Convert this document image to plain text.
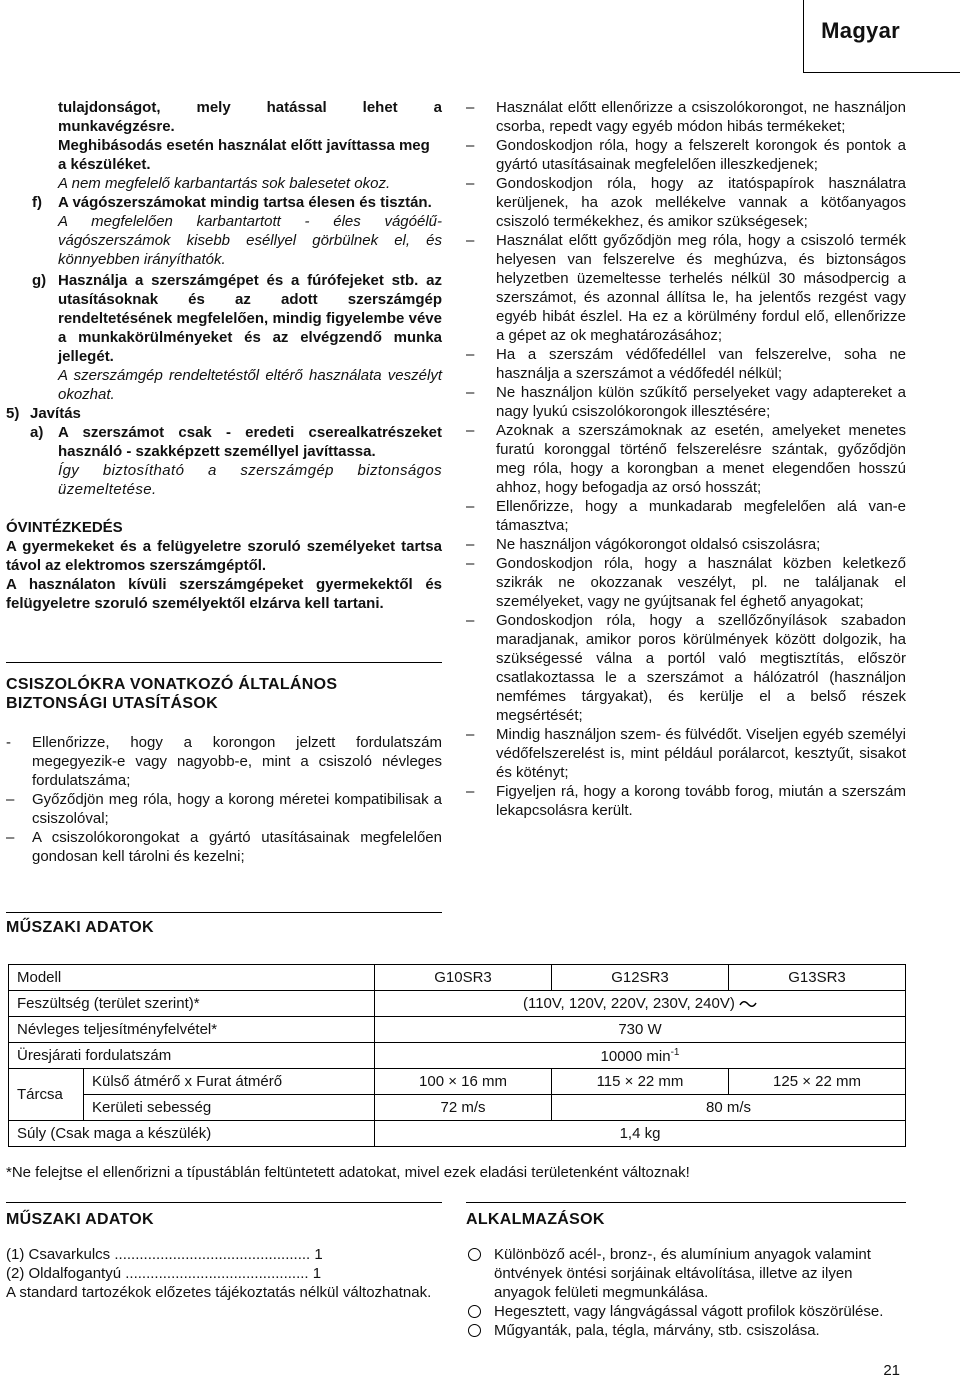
Magyar

tulajdonságot, mely hatással lehet a munkavégzésre.

Meghibásodás esetén használat előtt javíttassa meg a készüléket.

A nem megfelelő karbantartás sok balesetet okoz.

f) A vágószerszámokat mindig tartsa élesen és tisztán.

A megfelelően karbantartott - éles vágóélű-vágószerszámok kisebb eséllyel görbülnek el, és könnyebben irányíthatók.

g) Használja a szerszámgépet és a fúrófejeket stb. az utasításoknak és az adott szerszámgép rendeltetésének megfelelően, mindig figyelembe véve a munkakörülményeket és az elvégzendő munka jellegét.

A szerszámgép rendeltetéstől eltérő használata veszélyt okozhat.

5) Javítás
a) A szerszámot csak - eredeti cserealkatrészeket használó - szakképzett személlyel javíttassa.

Így biztosítható a szerszámgép biztonságos üzemeltetése.

ÓVINTÉZKEDÉS

A gyermekeket és a felügyeletre szoruló személyeket tartsa távol az elektromos szerszámgéptől.

A használaton kívüli szerszámgépeket gyermekektől és felügyeletre szoruló személyektől elzárva kell tartani.

CSISZOLÓKRA VONATKOZÓ ÁLTALÁNOS

BIZTONSÁGI UTASÍTÁSOK

- Ellenőrizze, hogy a korongon jelzett fordulatszám megegyezik-e vagy nagyobb-e, mint a csiszoló névleges fordulatszáma;
– Győződjön meg róla, hogy a korong méretei kompatibilisak a csiszolóval;
– A csiszolókorongokat a gyártó utasításainak megfelelően gondosan kell tárolni és kezelni;
– Használat előtt ellenőrizze a csiszolókorongot, ne használjon csorba, repedt vagy egyéb módon hibás termékeket;
– Gondoskodjon róla, hogy a felszerelt korongok és pontok a gyártó utasításainak megfelelően illeszkedjenek;
– Gondoskodjon róla, hogy az itatóspapírok használatra kerüljenek, ha azok mellékelve vannak a kötőanyagos csiszoló termékekhez, és amikor szükségesek;
– Használat előtt győződjön meg róla, hogy a csiszoló termék helyesen van felszerelve és meghúzva, és biztonságos helyzetben üzemeltesse terhelés nélkül 30 másodpercig a szerszámot, és azonnal állítsa le, ha jelentős rezgést vagy egyéb hibát észlel. Ha ez a körülmény fordul elő, ellenőrizze a gépet az ok meghatározásához;
– Ha a szerszám védőfedéllel van felszerelve, soha ne használja a szerszámot a védőfedél nélkül;
– Ne használjon külön szűkítő perselyeket vagy adaptereket a nagy lyukú csiszolókorongok illesztésére;
– Azoknak a szerszámoknak az esetén, amelyeket menetes furatú koronggal történő felszerelésre szántak, győződjön meg róla, hogy a korongban a menet elegendően hosszú ahhoz, hogy befogadja az orsó hosszát;
– Ellenőrizze, hogy a munkadarab megfelelően alá van-e támasztva;
– Ne használjon vágókorongot oldalsó csiszolásra;
– Gondoskodjon róla, hogy a használat közben keletkező szikrák ne okozzanak veszélyt, pl. ne találjanak el személyeket, vagy ne gyújtsanak fel éghető anyagokat;
– Gondoskodjon róla, hogy a szellőzőnyílások szabadon maradjanak, amikor poros körülmények között dolgozik, ha szükségessé válna a portól való megtisztítás, először csatlakoztassa le a szerszámot a hálózatról (használjon nemfémes tárgyakat), és kerülje el a belső részek megsértését;
– Mindig használjon szem- és fülvédőt. Viseljen egyéb személyi védőfelszerelést is, mint például porálarcot, kesztyűt, sisakot és kötényt;
– Figyeljen rá, hogy a korong tovább forog, miután a szerszám lekapcsolásra került.

MŰSZAKI ADATOK

Modell		G10SR3	G12SR3	G13SR3
Feszültség (terület szerint)*		(110V, 120V, 220V, 230V, 240V)		
Névleges teljesítményfelvétel*		730 W		
Üresjárati fordulatszám		10000 $\min^{-1}$
Tárcsa	Külső átmérő x Furat átmérő	100 × 16 mm	115 × 22 mm	125 × 22 mm
	Kerületi sebesség	72 m/s	80 m/s	
Súly (Csak maga a készülék)		1,4 kg		

*Ne felejtse el ellenőrizni a típustáblán feltüntetett adatokat, mivel ezek eladási területenként változnak!

MŰSZAKI ADATOK

(1) Csavarkulcs ............................................... 1

(2) Oldalfogantyú ............................................ 1

A standard tartozékok előzetes tájékoztatás nélkül változhatnak.

ALKALMAZÁSOK

Különböző acél-, bronz-, és alumínium anyagok valamint öntvények öntési sorjáinak eltávolítása, illetve az ilyen anyagok felületi megmunkálása.
Hegesztett, vagy lángvágással vágott profilok köszörülése.
Műgyanták, pala, tégla, márvány, stb. csiszolása.

21
